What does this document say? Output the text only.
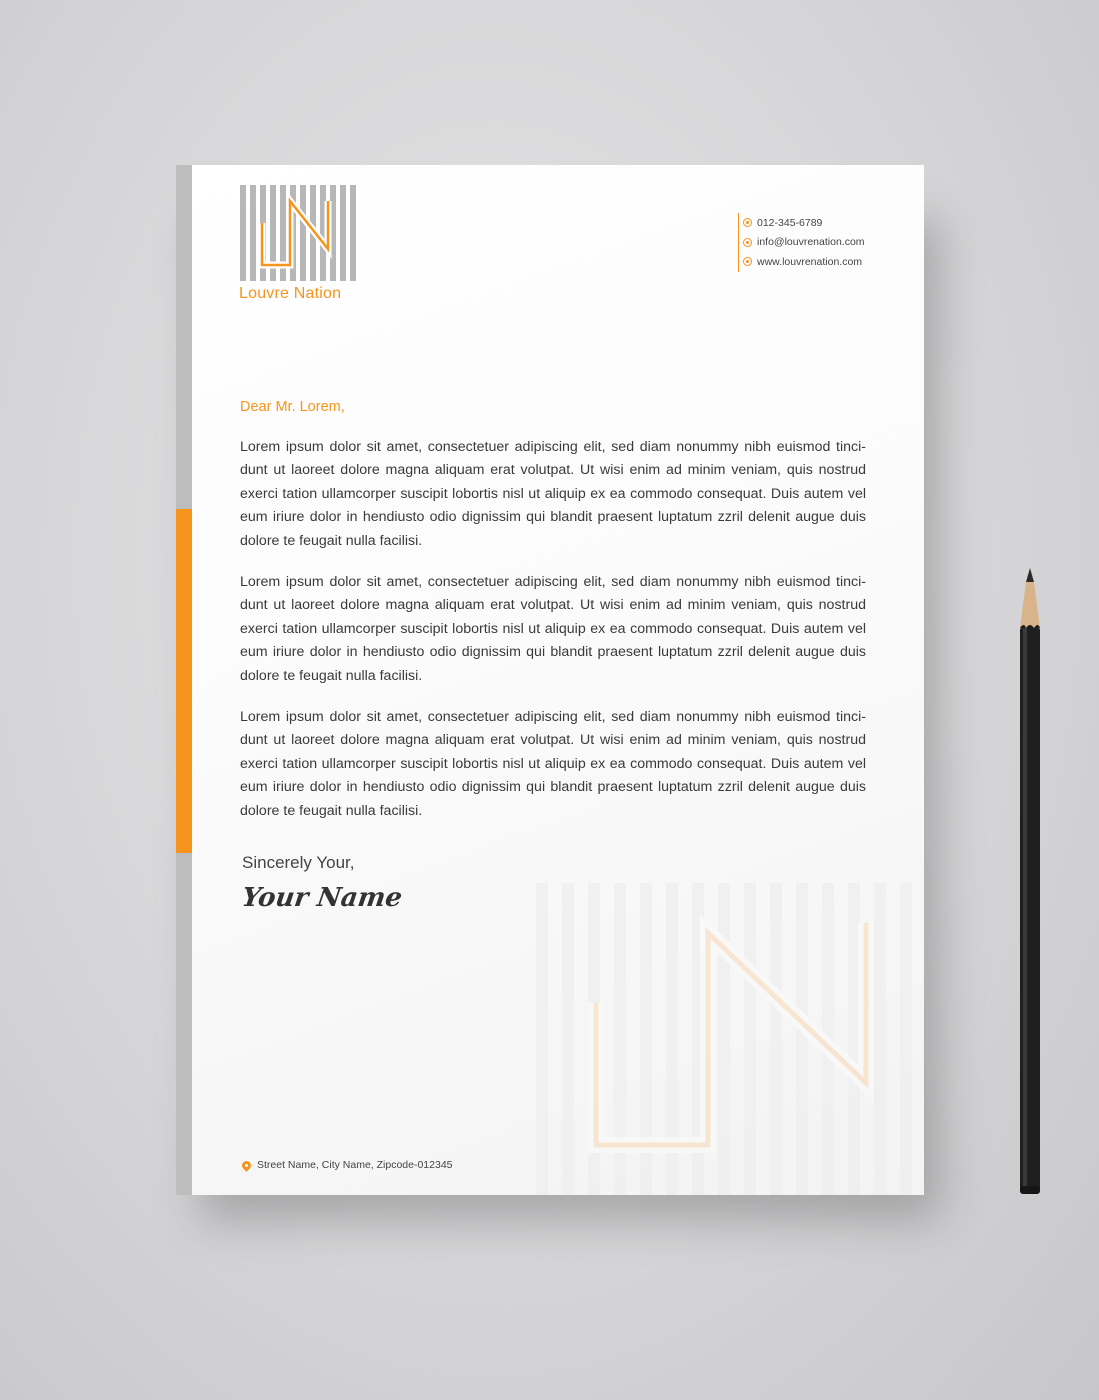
Louvre Nation
012-345-6789
info@louvrenation.com
www.louvrenation.com
Dear Mr. Lorem,

Lorem ipsum dolor sit amet, consectetuer adipiscing elit, sed diam nonummy nibh euismod tinci-dunt ut laoreet dolore magna aliquam erat volutpat. Ut wisi enim ad minim veniam, quis nostrud exerci tation ullamcorper suscipit lobortis nisl ut aliquip ex ea commodo consequat. Duis autem vel eum iriure dolor in hendiusto odio dignissim qui blandit praesent luptatum zzril delenit augue duis dolore te feugait nulla facilisi.

Lorem ipsum dolor sit amet, consectetuer adipiscing elit, sed diam nonummy nibh euismod tinci-dunt ut laoreet dolore magna aliquam erat volutpat. Ut wisi enim ad minim veniam, quis nostrud exerci tation ullamcorper suscipit lobortis nisl ut aliquip ex ea commodo consequat. Duis autem vel eum iriure dolor in hendiusto odio dignissim qui blandit praesent luptatum zzril delenit augue duis dolore te feugait nulla facilisi.

Lorem ipsum dolor sit amet, consectetuer adipiscing elit, sed diam nonummy nibh euismod tinci-dunt ut laoreet dolore magna aliquam erat volutpat. Ut wisi enim ad minim veniam, quis nostrud exerci tation ullamcorper suscipit lobortis nisl ut aliquip ex ea commodo consequat. Duis autem vel eum iriure dolor in hendiusto odio dignissim qui blandit praesent luptatum zzril delenit augue duis dolore te feugait nulla facilisi.

Sincerely Your,
Your Name
Street Name, City Name, Zipcode-012345
